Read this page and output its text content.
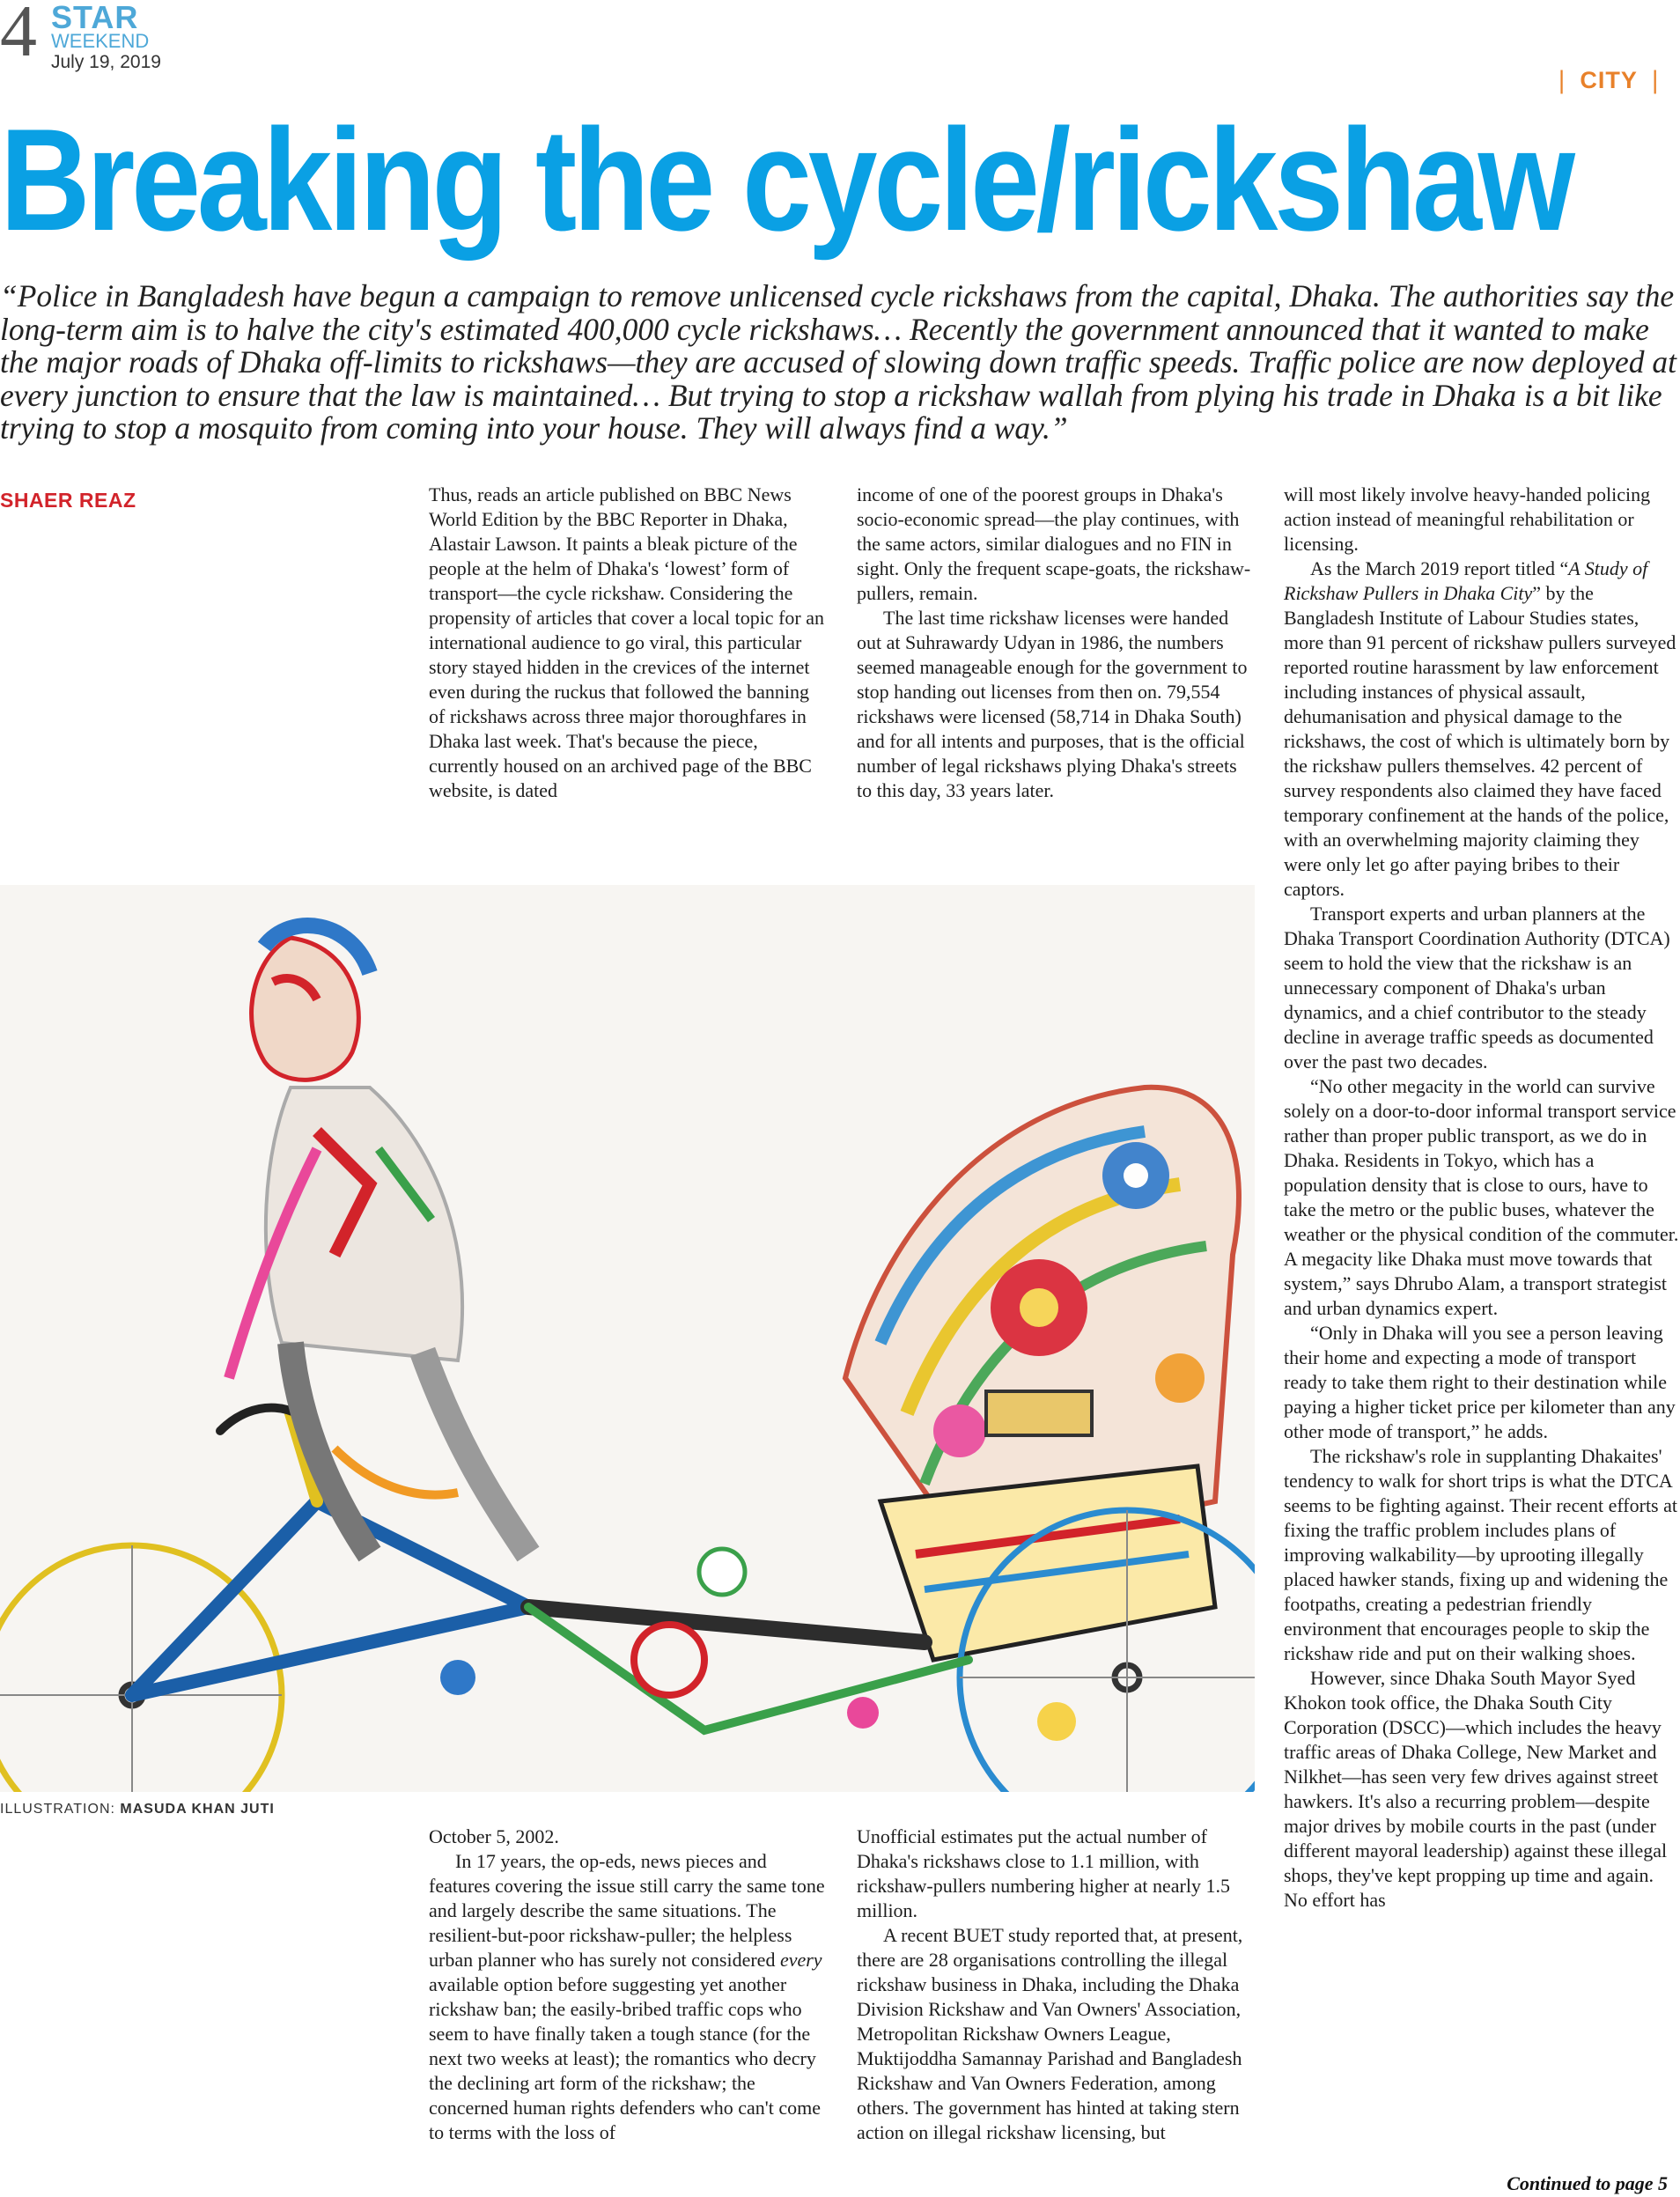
4 STAR
WEEKEND
July 19, 2019
❘ CITY ❘
Breaking the cycle/rickshaw

“Police in Bangladesh have begun a campaign to remove unlicensed cycle rickshaws from the capital, Dhaka. The authorities say the long-term aim is to halve the city's estimated 400,000 cycle rickshaws… Recently the government announced that it wanted to make the major roads of Dhaka off-limits to rickshaws—they are accused of slowing down traffic speeds. Traffic police are now deployed at every junction to ensure that the law is maintained… But trying to stop a rickshaw wallah from plying his trade in Dhaka is a bit like trying to stop a mosquito from coming into your house. They will always find a way.”

SHAER REAZ	Thus, reads an article published on BBC News World Edition by the BBC Reporter in Dhaka, Alastair Lawson. It paints a bleak picture of the people at the helm of Dhaka's ‘lowest’ form of transport—the cycle rickshaw. Considering the propensity of articles that cover a local topic for an international audience to go viral, this particular story stayed hidden in the crevices of the internet even during the ruckus that followed the banning of rickshaws across three major thoroughfares in Dhaka last week. That's because the piece, currently housed on an archived page of the BBC website, is dated

income of one of the poorest groups in Dhaka's socio-economic spread—the play continues, with the same actors, similar dialogues and no FIN in sight. Only the frequent scape-goats, the rickshaw-pullers, remain.

The last time rickshaw licenses were handed out at Suhrawardy Udyan in 1986, the numbers seemed manageable enough for the government to stop handing out licenses from then on. 79,554 rickshaws were licensed (58,714 in Dhaka South) and for all intents and purposes, that is the official number of legal rickshaws plying Dhaka's streets to this day, 33 years later.

will most likely involve heavy-handed policing action instead of meaningful rehabilitation or licensing.

As the March 2019 report titled “A Study of Rickshaw Pullers in Dhaka City” by the Bangladesh Institute of Labour Studies states, more than 91 percent of rickshaw pullers surveyed reported routine harassment by law enforcement including instances of physical assault, dehumanisation and physical damage to the rickshaws, the cost of which is ultimately born by the rickshaw pullers themselves. 42 percent of survey respondents also claimed they have faced temporary confinement at the hands of the police, with an overwhelming majority claiming they were only let go after paying bribes to their captors.

Transport experts and urban planners at the Dhaka Transport Coordination Authority (DTCA) seem to hold the view that the rickshaw is an unnecessary component of Dhaka's urban dynamics, and a chief contributor to the steady decline in average traffic speeds as documented over the past two decades.

“No other megacity in the world can survive solely on a door-to-door informal transport service rather than proper public transport, as we do in Dhaka. Residents in Tokyo, which has a population density that is close to ours, have to take the metro or the public buses, whatever the weather or the physical condition of the commuter. A megacity like Dhaka must move towards that system,” says Dhrubo Alam, a transport strategist and urban dynamics expert.

“Only in Dhaka will you see a person leaving their home and expecting a mode of transport ready to take them right to their destination while paying a higher ticket price per kilometer than any other mode of transport,” he adds.

The rickshaw's role in supplanting Dhakaites' tendency to walk for short trips is what the DTCA seems to be fighting against. Their recent efforts at fixing the traffic problem includes plans of improving walkability—by uprooting illegally placed hawker stands, fixing up and widening the footpaths, creating a pedestrian friendly environment that encourages people to skip the rickshaw ride and put on their walking shoes.

However, since Dhaka South Mayor Syed Khokon took office, the Dhaka South City Corporation (DSCC)—which includes the heavy traffic areas of Dhaka College, New Market and Nilkhet—has seen very few drives against street hawkers. It's also a recurring problem—despite major drives by mobile courts in the past (under different mayoral leadership) against these illegal shops, they've kept propping up time and again. No effort has

ILLUSTRATION: MASUDA KHAN JUTI

October 5, 2002.

In 17 years, the op-eds, news pieces and features covering the issue still carry the same tone and largely describe the same situations. The resilient-but-poor rickshaw-puller; the helpless urban planner who has surely not considered every available option before suggesting yet another rickshaw ban; the easily-bribed traffic cops who seem to have finally taken a tough stance (for the next two weeks at least); the romantics who decry the declining art form of the rickshaw; the concerned human rights defenders who can't come to terms with the loss of

Unofficial estimates put the actual number of Dhaka's rickshaws close to 1.1 million, with rickshaw-pullers numbering higher at nearly 1.5 million.

A recent BUET study reported that, at present, there are 28 organisations controlling the illegal rickshaw business in Dhaka, including the Dhaka Division Rickshaw and Van Owners' Association, Metropolitan Rickshaw Owners League, Muktijoddha Samannay Parishad and Bangladesh Rickshaw and Van Owners Federation, among others. The government has hinted at taking stern action on illegal rickshaw licensing, but

Continued to page 5
